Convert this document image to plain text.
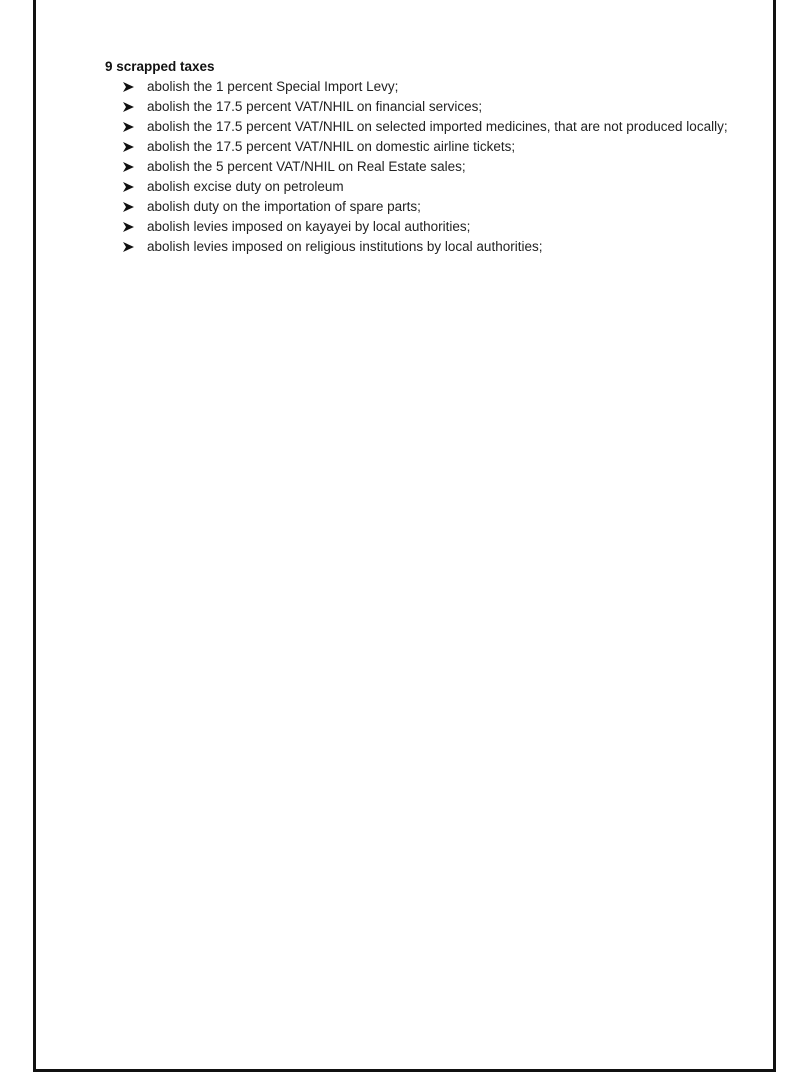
9 scrapped taxes
abolish the 1 percent Special Import Levy;
abolish the 17.5 percent VAT/NHIL on financial services;
abolish the 17.5 percent VAT/NHIL on selected imported medicines, that are not produced locally;
abolish the 17.5 percent VAT/NHIL on domestic airline tickets;
abolish the 5 percent VAT/NHIL on Real Estate sales;
abolish excise duty on petroleum
abolish duty on the importation of spare parts;
abolish levies imposed on kayayei by local authorities;
abolish levies imposed on religious institutions by local authorities;
